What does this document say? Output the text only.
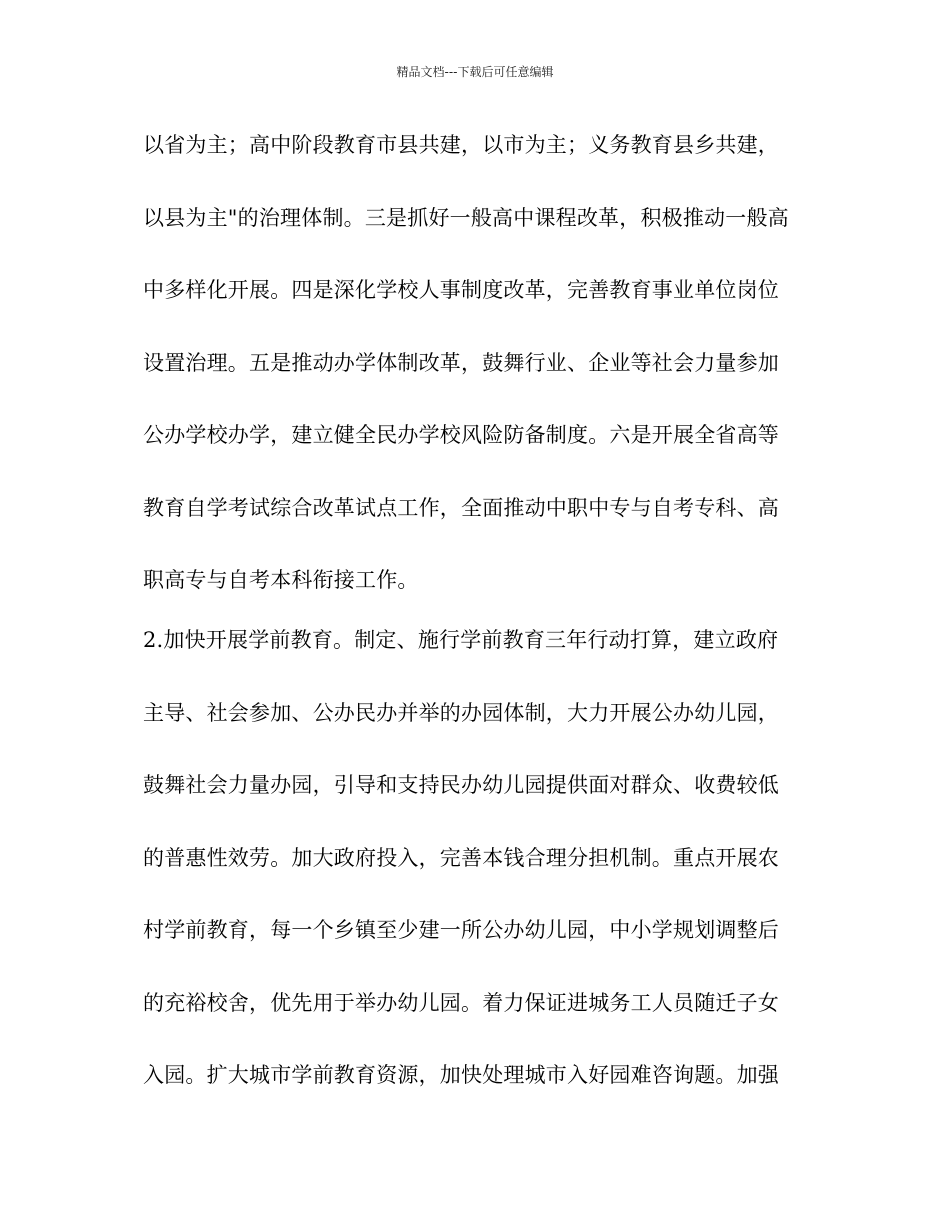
精品文档---下载后可任意编辑
以省为主；高中阶段教育市县共建，以市为主；义务教育县乡共建，
以县为主"的治理体制。三是抓好一般高中课程改革，积极推动一般高
中多样化开展。四是深化学校人事制度改革，完善教育事业单位岗位
设置治理。五是推动办学体制改革，鼓舞行业、企业等社会力量参加
公办学校办学，建立健全民办学校风险防备制度。六是开展全省高等
教育自学考试综合改革试点工作，全面推动中职中专与自考专科、高
职高专与自考本科衔接工作。
2.加快开展学前教育。制定、施行学前教育三年行动打算，建立政府
主导、社会参加、公办民办并举的办园体制，大力开展公办幼儿园，
鼓舞社会力量办园，引导和支持民办幼儿园提供面对群众、收费较低
的普惠性效劳。加大政府投入，完善本钱合理分担机制。重点开展农
村学前教育，每一个乡镇至少建一所公办幼儿园，中小学规划调整后
的充裕校舍，优先用于举办幼儿园。着力保证进城务工人员随迁子女
入园。扩大城市学前教育资源，加快处理城市入好园难咨询题。加强
